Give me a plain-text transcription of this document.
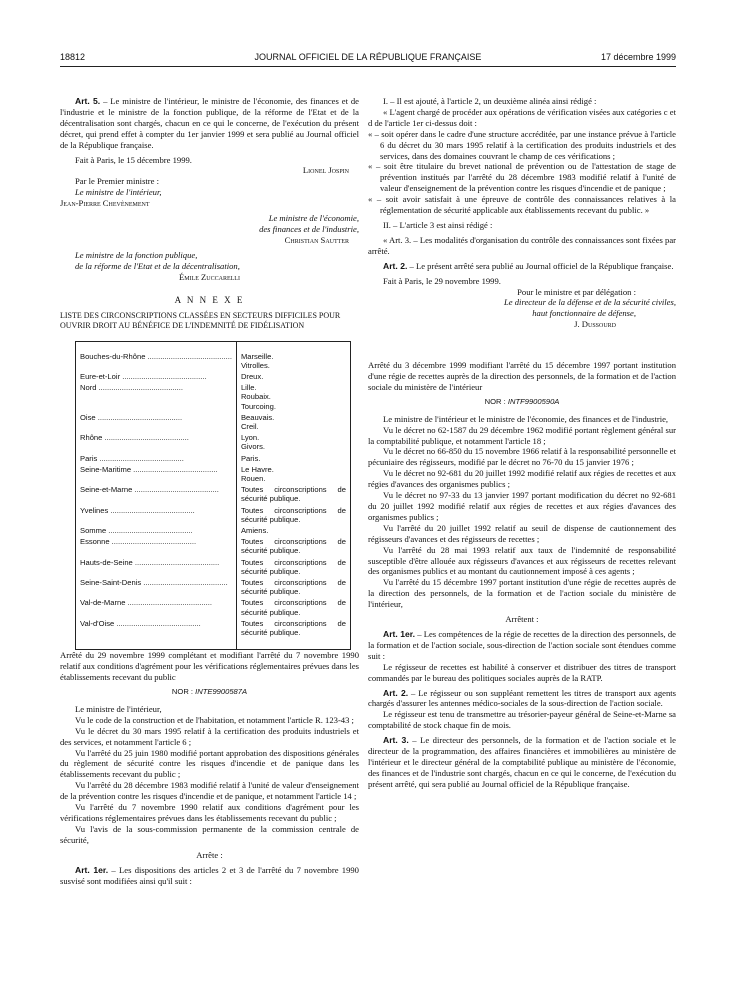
18812	JOURNAL OFFICIEL DE LA RÉPUBLIQUE FRANÇAISE	17 décembre 1999

Art. 5. – Le ministre de l'intérieur, le ministre de l'économie, des finances et de l'industrie et le ministre de la fonction publique, de la réforme de l'Etat et de la décentralisation sont chargés, chacun en ce qui le concerne, de l'exécution du présent décret, qui prend effet à compter du 1er janvier 1999 et sera publié au Journal officiel de la République française.

Fait à Paris, le 15 décembre 1999.

Lionel Jospin

Par le Premier ministre :

Le ministre de l'intérieur,

Jean-Pierre Chevènement

Le ministre de l'économie,

des finances et de l'industrie,

Christian Sautter

Le ministre de la fonction publique,

de la réforme de l'Etat et de la décentralisation,

Émile Zuccarelli

A N N E X E

LISTE DES CIRCONSCRIPTIONS CLASSÉES EN SECTEURS DIFFICILES POUR OUVRIR DROIT AU BÉNÉFICE DE L'INDEMNITÉ DE FIDÉLISATION

Bouches-du-Rhône ........................................	Marseille.
Vitrolles.

Eure-et-Loir ........................................	Dreux.

Nord ........................................	Lille.
Roubaix.
Tourcoing.

Oise ........................................	Beauvais.
Creil.

Rhône ........................................	Lyon.
Givors.

Paris ........................................	Paris.

Seine-Maritime ........................................	Le Havre.
Rouen.

Seine-et-Marne ........................................	Toutes circonscriptions de sécurité publique.

Yvelines ........................................	Toutes circonscriptions de sécurité publique.

Somme ........................................	Amiens.

Essonne ........................................	Toutes circonscriptions de sécurité publique.

Hauts-de-Seine ........................................	Toutes circonscriptions de sécurité publique.

Seine-Saint-Denis ........................................	Toutes circonscriptions de sécurité publique.

Val-de-Marne ........................................	Toutes circonscriptions de sécurité publique.

Val-d'Oise ........................................	Toutes circonscriptions de sécurité publique.

Arrêté du 29 novembre 1999 complétant et modifiant l'arrêté du 7 novembre 1990 relatif aux conditions d'agrément pour les vérifications réglementaires prévues dans les établissements recevant du public

NOR : INTE9900587A

Le ministre de l'intérieur,

Vu le code de la construction et de l'habitation, et notamment l'article R. 123-43 ;

Vu le décret du 30 mars 1995 relatif à la certification des produits industriels et des services, et notamment l'article 6 ;

Vu l'arrêté du 25 juin 1980 modifié portant approbation des dispositions générales du règlement de sécurité contre les risques d'incendie et de panique dans les établissements recevant du public ;

Vu l'arrêté du 28 décembre 1983 modifié relatif à l'unité de valeur d'enseignement de la prévention contre les risques d'incendie et de panique, et notamment l'article 14 ;

Vu l'arrêté du 7 novembre 1990 relatif aux conditions d'agrément pour les vérifications réglementaires prévues dans les établissements recevant du public ;

Vu l'avis de la sous-commission permanente de la commission centrale de sécurité,

Arrête :

Art. 1er. – Les dispositions des articles 2 et 3 de l'arrêté du 7 novembre 1990 susvisé sont modifiées ainsi qu'il suit :

I. – Il est ajouté, à l'article 2, un deuxième alinéa ainsi rédigé :

« L'agent chargé de procéder aux opérations de vérification visées aux catégories c et d de l'article 1er ci-dessus doit :

« – soit opérer dans le cadre d'une structure accréditée, par une instance prévue à l'article 6 du décret du 30 mars 1995 relatif à la certification des produits industriels et des services, dans des domaines couvrant le champ de ces vérifications ;

« – soit être titulaire du brevet national de prévention ou de l'attestation de stage de prévention institués par l'arrêté du 28 décembre 1983 modifié relatif à l'unité de valeur d'enseignement de la prévention contre les risques d'incendie et de panique ;

« – soit avoir satisfait à une épreuve de contrôle des connaissances relatives à la réglementation de sécurité applicable aux établissements recevant du public. »

II. – L'article 3 est ainsi rédigé :

« Art. 3. – Les modalités d'organisation du contrôle des connaissances sont fixées par arrêté.

Art. 2. – Le présent arrêté sera publié au Journal officiel de la République française.

Fait à Paris, le 29 novembre 1999.

Pour le ministre et par délégation :

Le directeur de la défense et de la sécurité civiles,

haut fonctionnaire de défense,

J. Dussourd

Arrêté du 3 décembre 1999 modifiant l'arrêté du 15 décembre 1997 portant institution d'une régie de recettes auprès de la direction des personnels, de la formation et de l'action sociale du ministère de l'intérieur

NOR : INTF9900590A

Le ministre de l'intérieur et le ministre de l'économie, des finances et de l'industrie,

Vu le décret no 62-1587 du 29 décembre 1962 modifié portant règlement général sur la comptabilité publique, et notamment l'article 18 ;

Vu le décret no 66-850 du 15 novembre 1966 relatif à la responsabilité personnelle et pécuniaire des régisseurs, modifié par le décret no 76-70 du 15 janvier 1976 ;

Vu le décret no 92-681 du 20 juillet 1992 modifié relatif aux régies de recettes et aux régies d'avances des organismes publics ;

Vu le décret no 97-33 du 13 janvier 1997 portant modification du décret no 92-681 du 20 juillet 1992 modifié relatif aux régies de recettes et aux régies d'avances des organismes publics ;

Vu l'arrêté du 20 juillet 1992 relatif au seuil de dispense de cautionnement des régisseurs d'avances et des régisseurs de recettes ;

Vu l'arrêté du 28 mai 1993 relatif aux taux de l'indemnité de responsabilité susceptible d'être allouée aux régisseurs d'avances et aux régisseurs de recettes relevant des organismes publics et au montant du cautionnement imposé à ces agents ;

Vu l'arrêté du 15 décembre 1997 portant institution d'une régie de recettes auprès de la direction des personnels, de la formation et de l'action sociale du ministère de l'intérieur,

Arrêtent :

Art. 1er. – Les compétences de la régie de recettes de la direction des personnels, de la formation et de l'action sociale, sous-direction de l'action sociale sont étendues comme suit :

Le régisseur de recettes est habilité à conserver et distribuer des titres de transport commandés par le bureau des politiques sociales auprès de la RATP.

Art. 2. – Le régisseur ou son suppléant remettent les titres de transport aux agents chargés d'assurer les antennes médico-sociales de la sous-direction de l'action sociale.

Le régisseur est tenu de transmettre au trésorier-payeur général de Seine-et-Marne sa comptabilité de stock chaque fin de mois.

Art. 3. – Le directeur des personnels, de la formation et de l'action sociale et le directeur de la programmation, des affaires financières et immobilières au ministère de l'intérieur et le directeur général de la comptabilité publique au ministère de l'économie, des finances et de l'industrie sont chargés, chacun en ce qui le concerne, de l'exécution du présent arrêté, qui sera publié au Journal officiel de la République française.
